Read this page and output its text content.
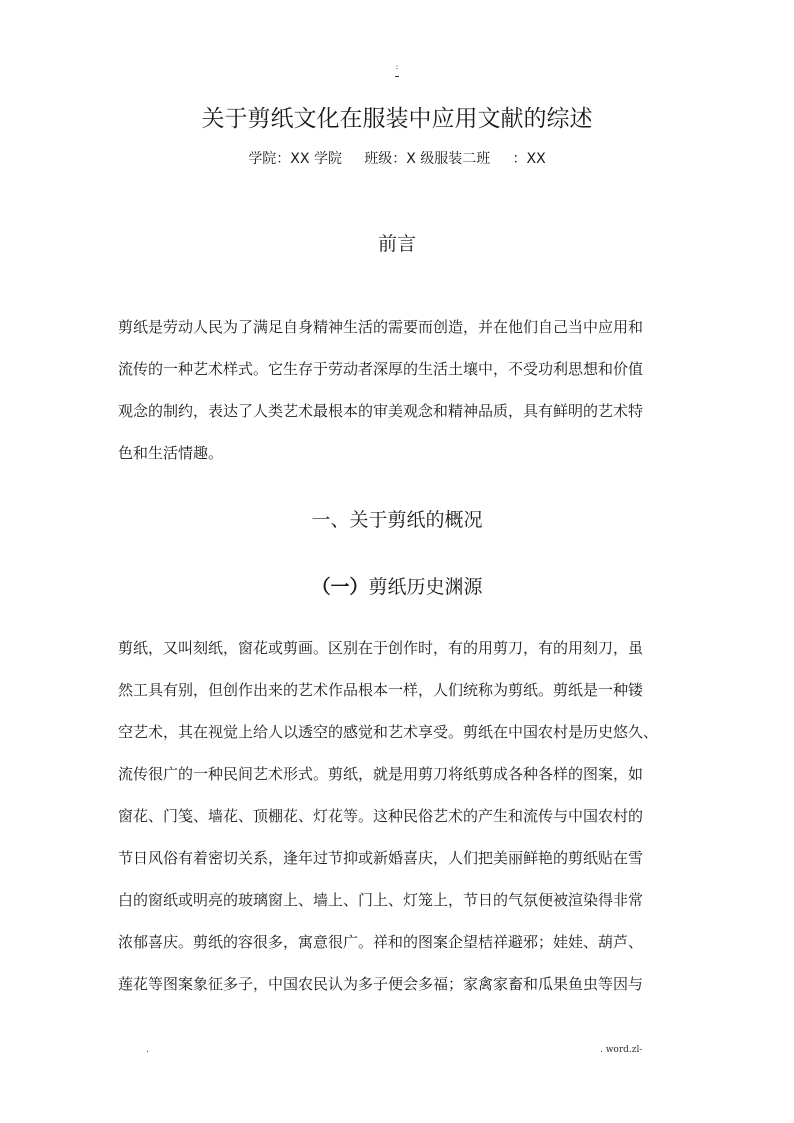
:
关于剪纸文化在服装中应用文献的综述
学院：XX 学院     班级：X 级服装二班     ：XX
前言

剪纸是劳动人民为了满足自身精神生活的需要而创造，并在他们自己当中应用和
流传的一种艺术样式。它生存于劳动者深厚的生活土壤中，不受功利思想和价值
观念的制约，表达了人类艺术最根本的审美观念和精神品质，具有鲜明的艺术特
色和生活情趣。

一、关于剪纸的概况
（一）剪纸历史渊源

剪纸，又叫刻纸，窗花或剪画。区别在于创作时，有的用剪刀，有的用刻刀，虽
然工具有别，但创作出来的艺术作品根本一样，人们统称为剪纸。剪纸是一种镂
空艺术，其在视觉上给人以透空的感觉和艺术享受。剪纸在中国农村是历史悠久、
流传很广的一种民间艺术形式。剪纸，就是用剪刀将纸剪成各种各样的图案，如
窗花、门笺、墙花、顶棚花、灯花等。这种民俗艺术的产生和流传与中国农村的
节日风俗有着密切关系，逢年过节抑或新婚喜庆，人们把美丽鲜艳的剪纸贴在雪
白的窗纸或明亮的玻璃窗上、墙上、门上、灯笼上，节日的气氛便被渲染得非常
浓郁喜庆。剪纸的容很多，寓意很广。祥和的图案企望桔祥避邪；娃娃、葫芦、
莲花等图案象征多子，中国农民认为多子便会多福；家禽家畜和瓜果鱼虫等因与

.	. word.zl-
